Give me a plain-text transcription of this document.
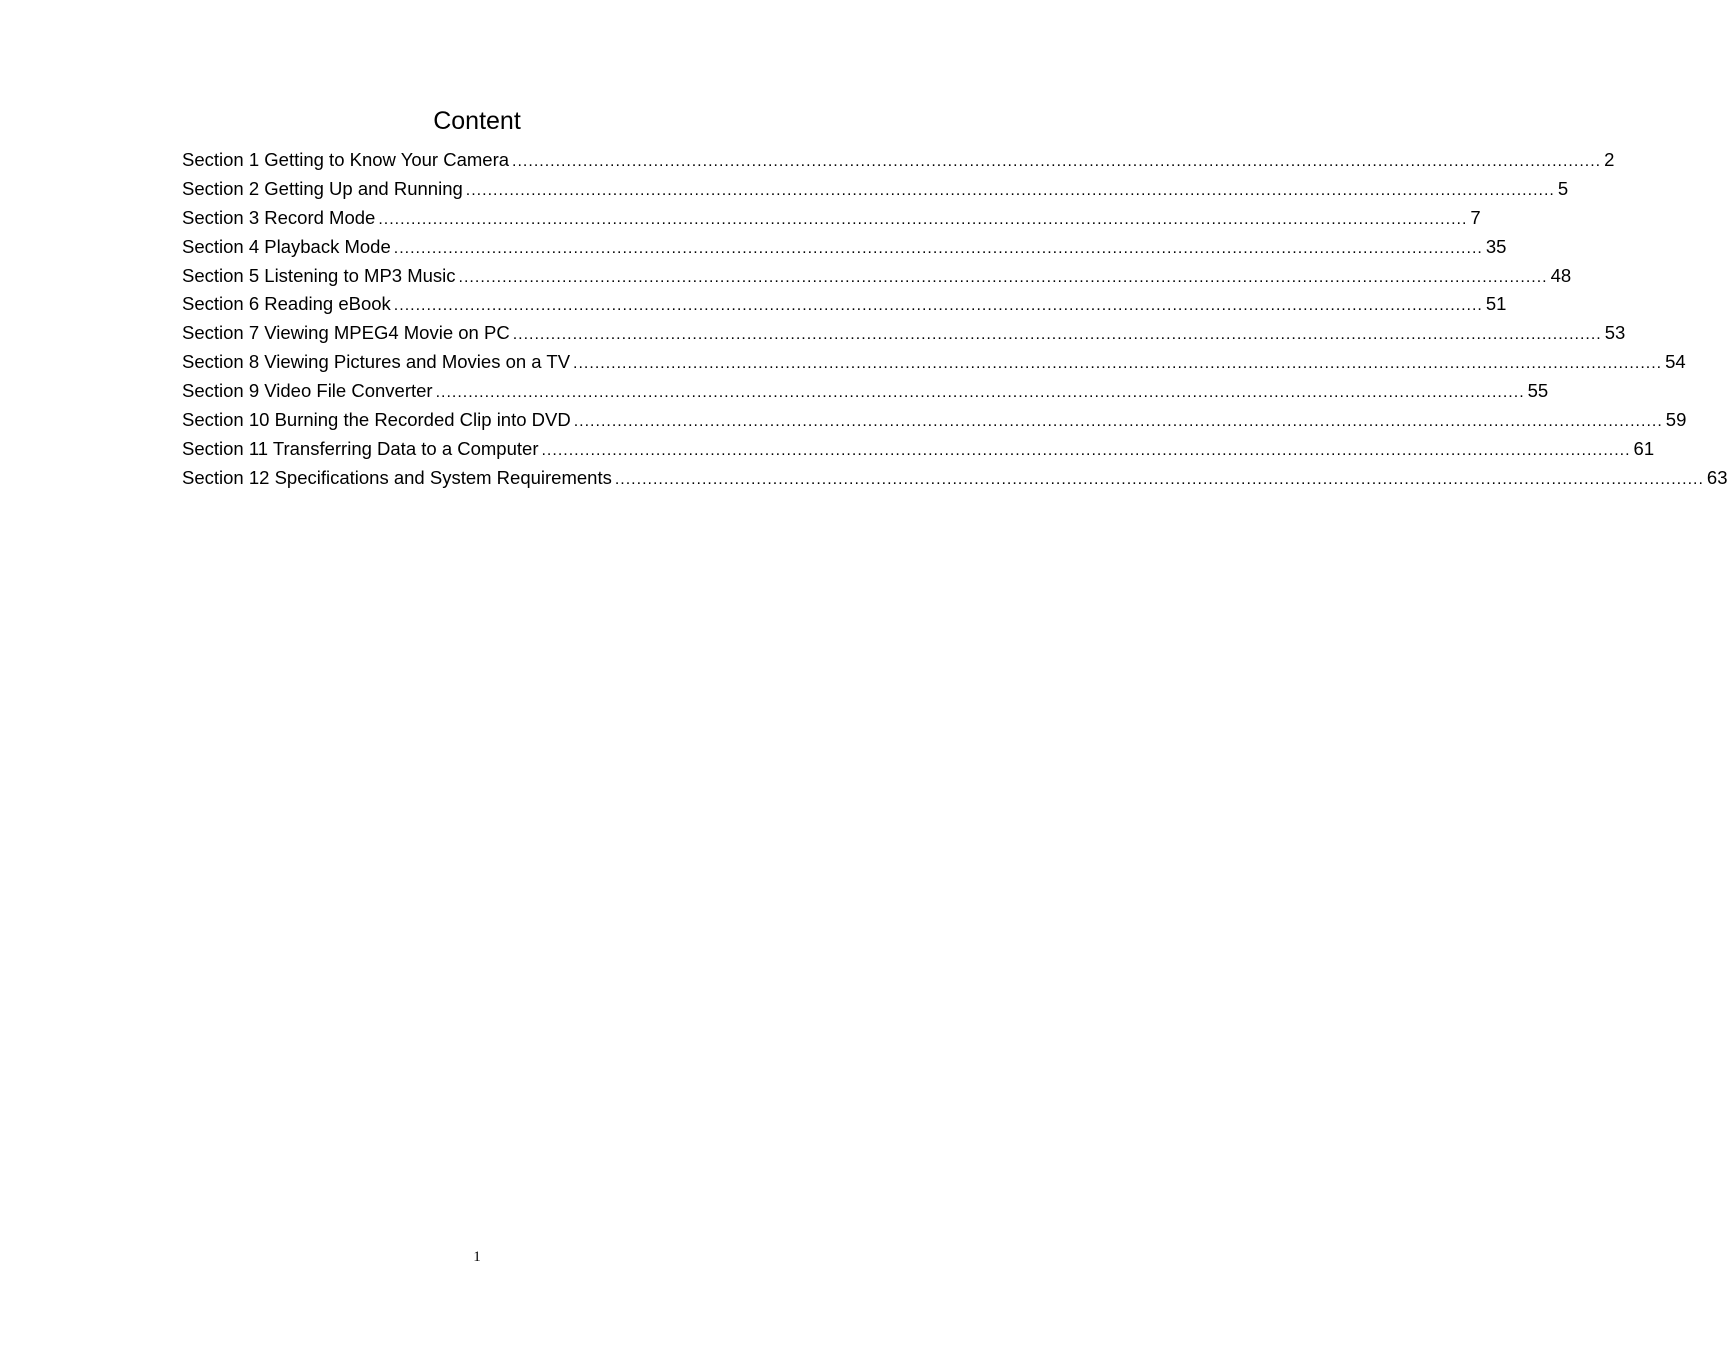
Content
Section 1 Getting to Know Your Camera ........................................................................................................................................................................................................ 2
Section 2 Getting Up and Running ........................................................................................................................................................................................................ 5
Section 3 Record Mode ........................................................................................................................................................................................................ 7
Section 4 Playback Mode ........................................................................................................................................................................................................ 35
Section 5 Listening to MP3 Music ........................................................................................................................................................................................................ 48
Section 6 Reading eBook ........................................................................................................................................................................................................ 51
Section 7 Viewing MPEG4 Movie on PC ........................................................................................................................................................................................................ 53
Section 8 Viewing Pictures and Movies on a TV ........................................................................................................................................................................................................ 54
Section 9 Video File Converter ........................................................................................................................................................................................................ 55
Section 10 Burning the Recorded Clip into DVD ........................................................................................................................................................................................................ 59
Section 11 Transferring Data to a Computer ........................................................................................................................................................................................................ 61
Section 12 Specifications and System Requirements ........................................................................................................................................................................................................ 63
1
